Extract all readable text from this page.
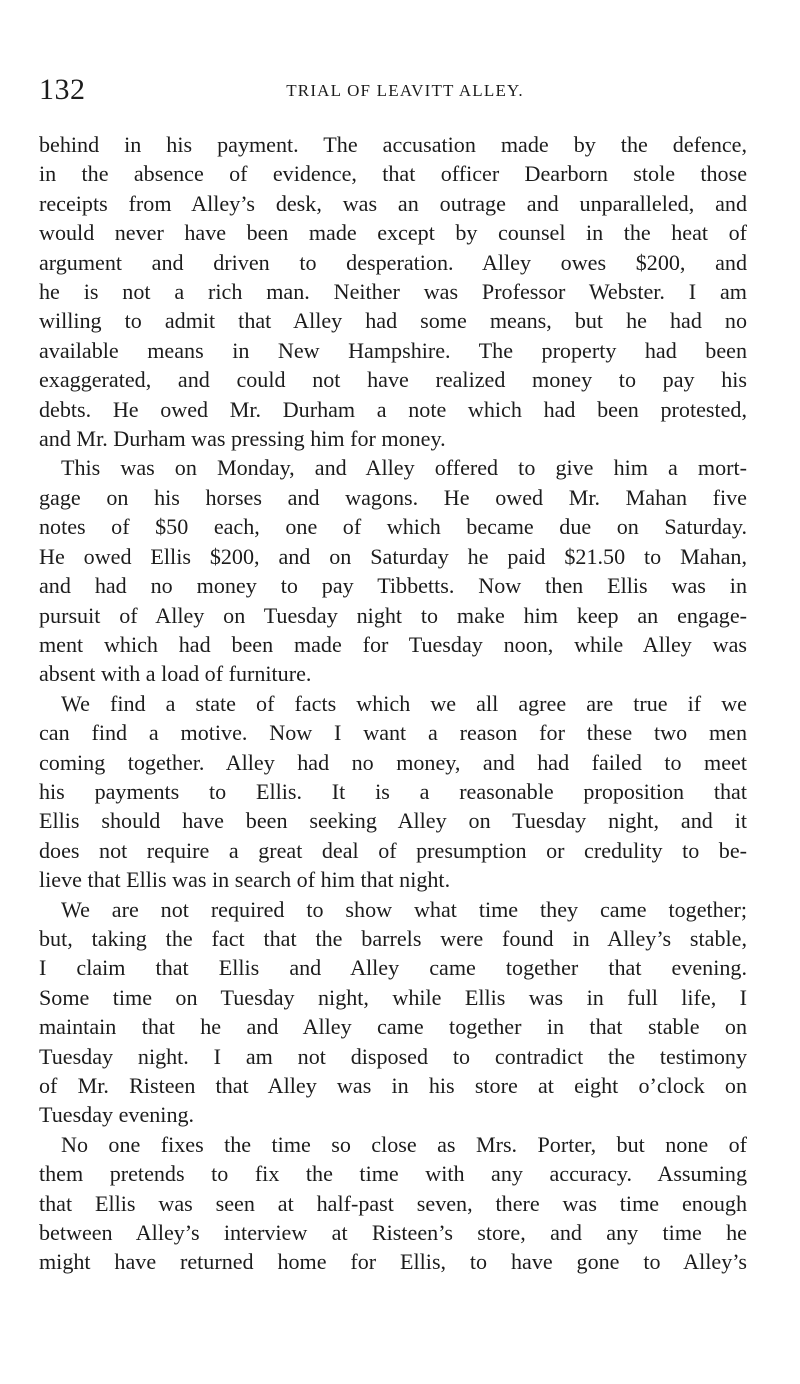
132	TRIAL OF LEAVITT ALLEY.
behind in his payment. The accusation made by the defence,
in the absence of evidence, that officer Dearborn stole those
receipts from Alley’s desk, was an outrage and unparalleled, and
would never have been made except by counsel in the heat of
argument and driven to desperation. Alley owes $200, and
he is not a rich man. Neither was Professor Webster. I am
willing to admit that Alley had some means, but he had no
available means in New Hampshire. The property had been
exaggerated, and could not have realized money to pay his
debts. He owed Mr. Durham a note which had been protested,
and Mr. Durham was pressing him for money.
This was on Monday, and Alley offered to give him a mort-
gage on his horses and wagons. He owed Mr. Mahan five
notes of $50 each, one of which became due on Saturday.
He owed Ellis $200, and on Saturday he paid $21.50 to Mahan,
and had no money to pay Tibbetts. Now then Ellis was in
pursuit of Alley on Tuesday night to make him keep an engage-
ment which had been made for Tuesday noon, while Alley was
absent with a load of furniture.
We find a state of facts which we all agree are true if we
can find a motive. Now I want a reason for these two men
coming together. Alley had no money, and had failed to meet
his payments to Ellis. It is a reasonable proposition that
Ellis should have been seeking Alley on Tuesday night, and it
does not require a great deal of presumption or credulity to be-
lieve that Ellis was in search of him that night.
We are not required to show what time they came together;
but, taking the fact that the barrels were found in Alley’s stable,
I claim that Ellis and Alley came together that evening.
Some time on Tuesday night, while Ellis was in full life, I
maintain that he and Alley came together in that stable on
Tuesday night. I am not disposed to contradict the testimony
of Mr. Risteen that Alley was in his store at eight o’clock on
Tuesday evening.
No one fixes the time so close as Mrs. Porter, but none of
them pretends to fix the time with any accuracy. Assuming
that Ellis was seen at half-past seven, there was time enough
between Alley’s interview at Risteen’s store, and any time he
might have returned home for Ellis, to have gone to Alley’s
